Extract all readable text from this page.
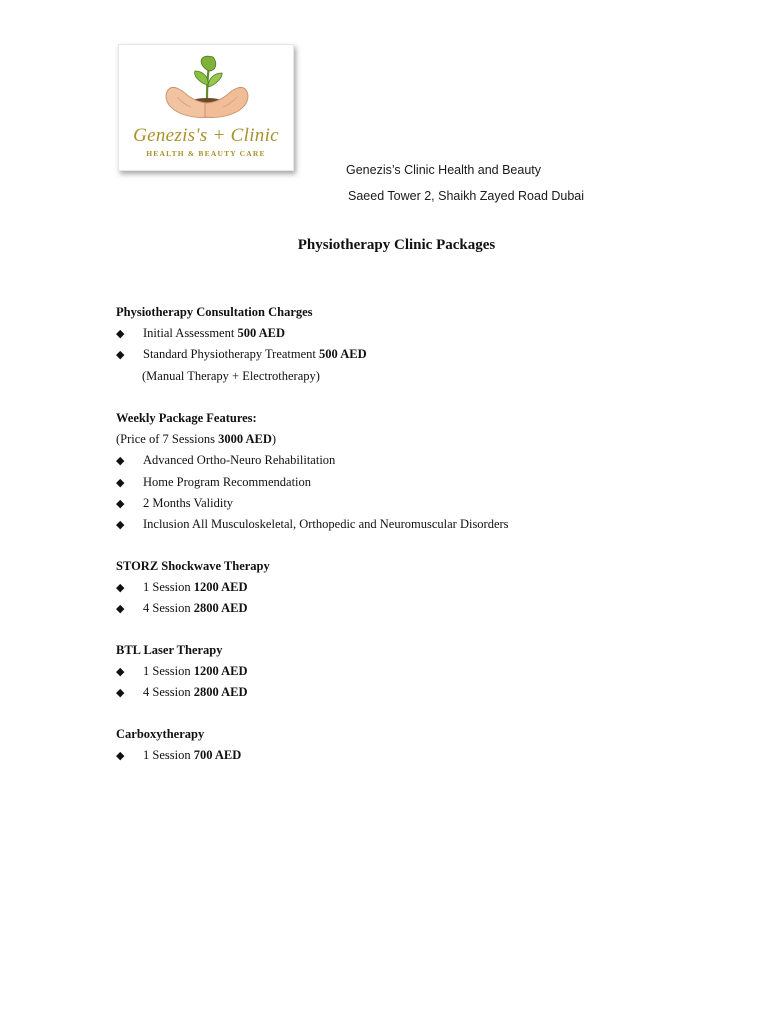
Genezis's + Clinic
HEALTH & BEAUTY CARE
Genezis’s Clinic Health and Beauty
Saeed Tower 2, Shaikh Zayed Road Dubai
Physiotherapy Clinic Packages
Physiotherapy Consultation Charges
◆ Initial Assessment 500 AED
◆ Standard Physiotherapy Treatment 500 AED
(Manual Therapy + Electrotherapy)
Weekly Package Features:
(Price of 7 Sessions 3000 AED)
◆ Advanced Ortho-Neuro Rehabilitation
◆ Home Program Recommendation
◆ 2 Months Validity
◆ Inclusion All Musculoskeletal, Orthopedic and Neuromuscular Disorders
STORZ Shockwave Therapy
◆ 1 Session 1200 AED
◆ 4 Session 2800 AED
BTL Laser Therapy
◆ 1 Session 1200 AED
◆ 4 Session 2800 AED
Carboxytherapy
◆ 1 Session 700 AED
